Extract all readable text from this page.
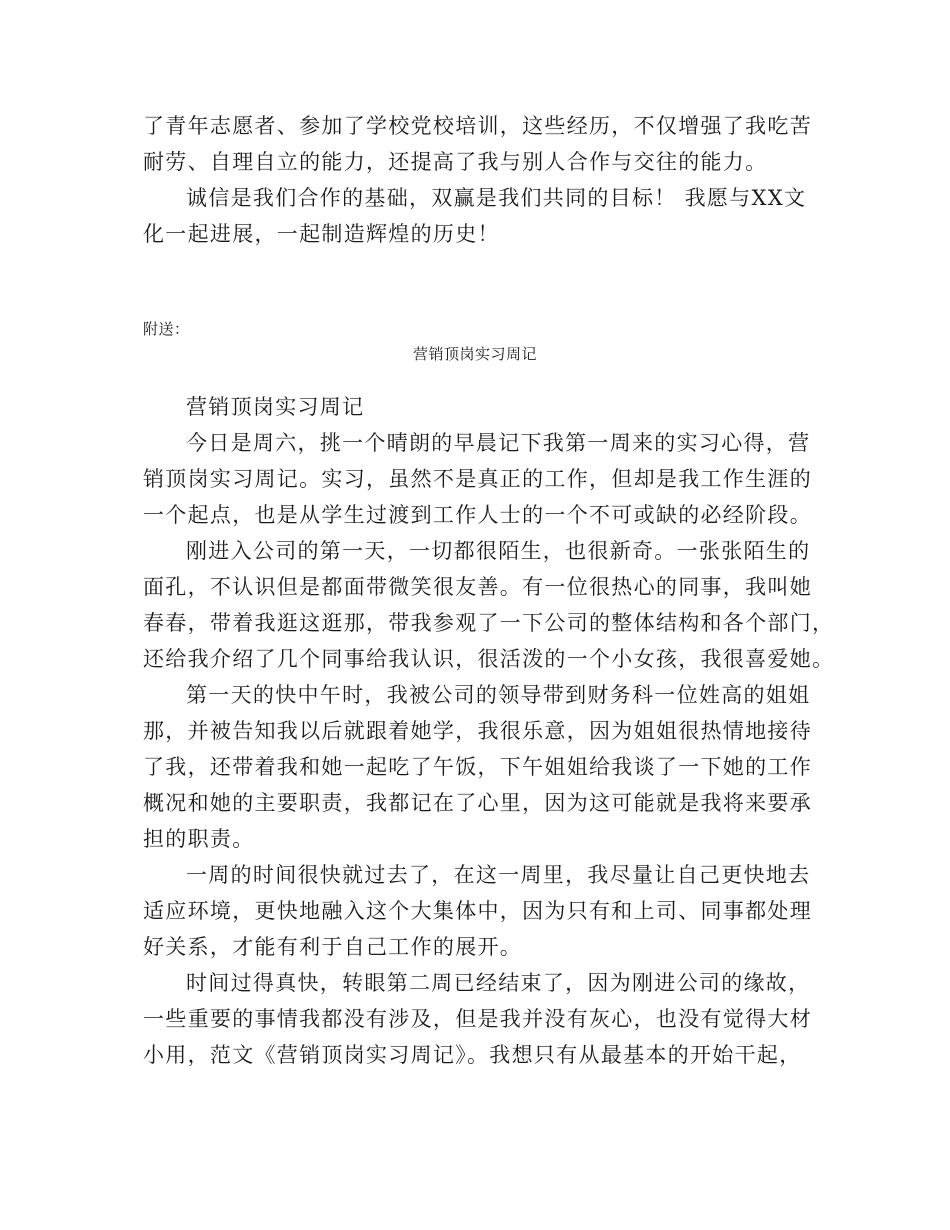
了青年志愿者、参加了学校党校培训，这些经历，不仅增强了我吃苦
耐劳、自理自立的能力，还提高了我与别人合作与交往的能力。
诚信是我们合作的基础，双赢是我们共同的目标！ 我愿与XX文
化一起进展，一起制造辉煌的历史！
附送：
营销顶岗实习周记
营销顶岗实习周记
今日是周六，挑一个晴朗的早晨记下我第一周来的实习心得，营
销顶岗实习周记。实习，虽然不是真正的工作，但却是我工作生涯的
一个起点，也是从学生过渡到工作人士的一个不可或缺的必经阶段。
刚进入公司的第一天，一切都很陌生，也很新奇。一张张陌生的
面孔，不认识但是都面带微笑很友善。有一位很热心的同事，我叫她
春春，带着我逛这逛那，带我参观了一下公司的整体结构和各个部门，
还给我介绍了几个同事给我认识，很活泼的一个小女孩，我很喜爱她。
第一天的快中午时，我被公司的领导带到财务科一位姓高的姐姐
那，并被告知我以后就跟着她学，我很乐意，因为姐姐很热情地接待
了我，还带着我和她一起吃了午饭，下午姐姐给我谈了一下她的工作
概况和她的主要职责，我都记在了心里，因为这可能就是我将来要承
担的职责。
一周的时间很快就过去了，在这一周里，我尽量让自己更快地去
适应环境，更快地融入这个大集体中，因为只有和上司、同事都处理
好关系，才能有利于自己工作的展开。
时间过得真快，转眼第二周已经结束了，因为刚进公司的缘故，
一些重要的事情我都没有涉及，但是我并没有灰心，也没有觉得大材
小用，范文《营销顶岗实习周记》。我想只有从最基本的开始干起，
